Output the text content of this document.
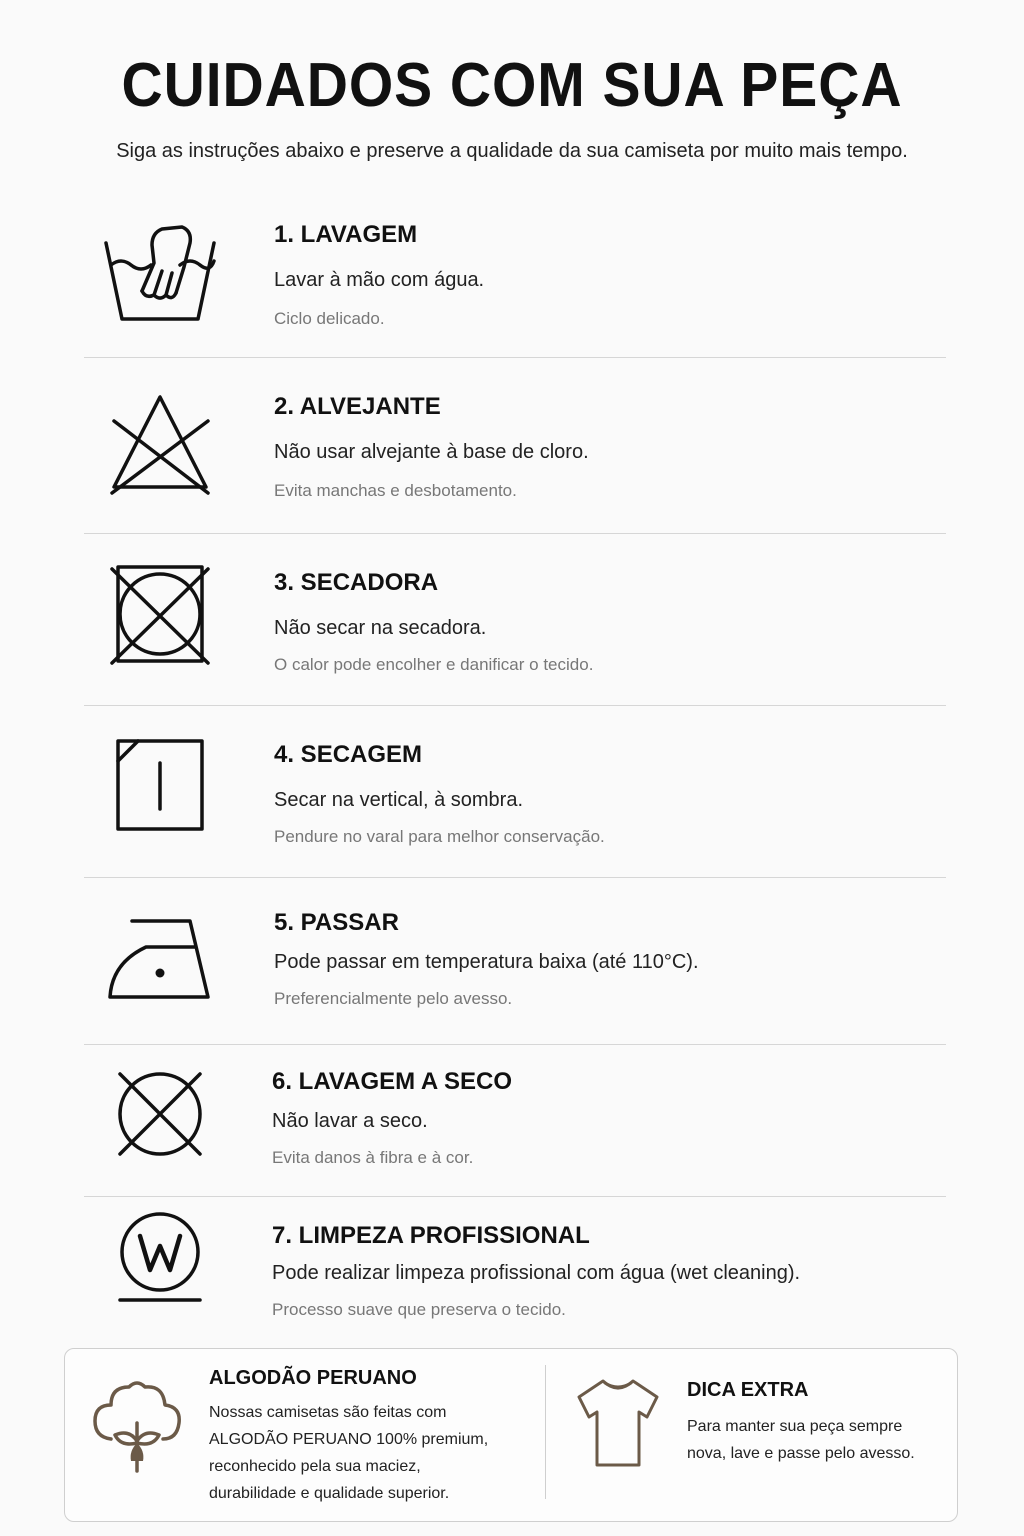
CUIDADOS COM SUA PEÇA

Siga as instruções abaixo e preserve a qualidade da sua camiseta por muito mais tempo.

1. LAVAGEM

Lavar à mão com água.

Ciclo delicado.

2. ALVEJANTE

Não usar alvejante à base de cloro.

Evita manchas e desbotamento.

3. SECADORA

Não secar na secadora.

O calor pode encolher e danificar o tecido.

4. SECAGEM

Secar na vertical, à sombra.

Pendure no varal para melhor conservação.

5. PASSAR

Pode passar em temperatura baixa (até 110°C).

Preferencialmente pelo avesso.

6. LAVAGEM A SECO

Não lavar a seco.

Evita danos à fibra e à cor.

7. LIMPEZA PROFISSIONAL

Pode realizar limpeza profissional com água (wet cleaning).

Processo suave que preserva o tecido.

ALGODÃO PERUANO

Nossas camisetas são feitas com
ALGODÃO PERUANO 100% premium,
reconhecido pela sua maciez,
durabilidade e qualidade superior.

DICA EXTRA

Para manter sua peça sempre
nova, lave e passe pelo avesso.
